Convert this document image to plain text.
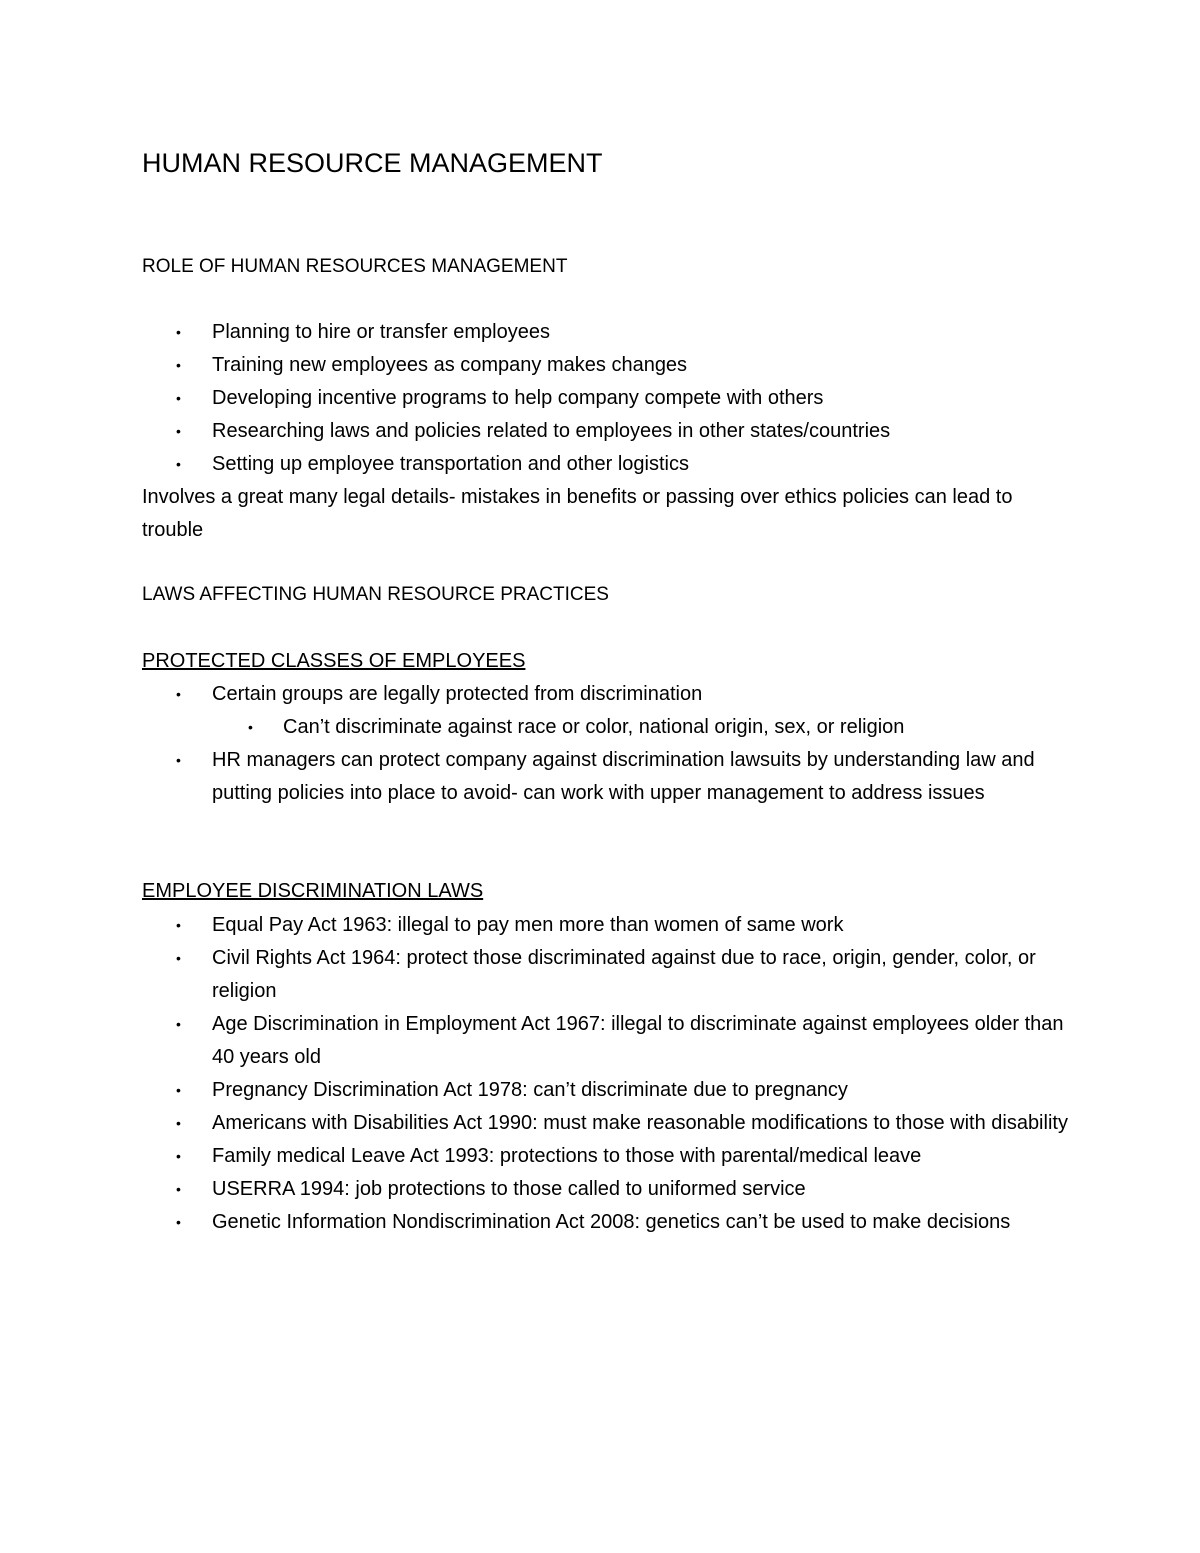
HUMAN RESOURCE MANAGEMENT
ROLE OF HUMAN RESOURCES MANAGEMENT
• Planning to hire or transfer employees
• Training new employees as company makes changes
• Developing incentive programs to help company compete with others
• Researching laws and policies related to employees in other states/countries
• Setting up employee transportation and other logistics

Involves a great many legal details- mistakes in benefits or passing over ethics policies can lead to trouble

LAWS AFFECTING HUMAN RESOURCE PRACTICES
PROTECTED CLASSES OF EMPLOYEES
• Certain groups are legally protected from discrimination
• Can’t discriminate against race or color, national origin, sex, or religion
• HR managers can protect company against discrimination lawsuits by understanding law and putting policies into place to avoid- can work with upper management to address issues
EMPLOYEE DISCRIMINATION LAWS
• Equal Pay Act 1963: illegal to pay men more than women of same work
• Civil Rights Act 1964: protect those discriminated against due to race, origin, gender, color, or religion
• Age Discrimination in Employment Act 1967: illegal to discriminate against employees older than 40 years old
• Pregnancy Discrimination Act 1978: can’t discriminate due to pregnancy
• Americans with Disabilities Act 1990: must make reasonable modifications to those with disability
• Family medical Leave Act 1993: protections to those with parental/medical leave
• USERRA 1994: job protections to those called to uniformed service
• Genetic Information Nondiscrimination Act 2008: genetics can’t be used to make decisions
